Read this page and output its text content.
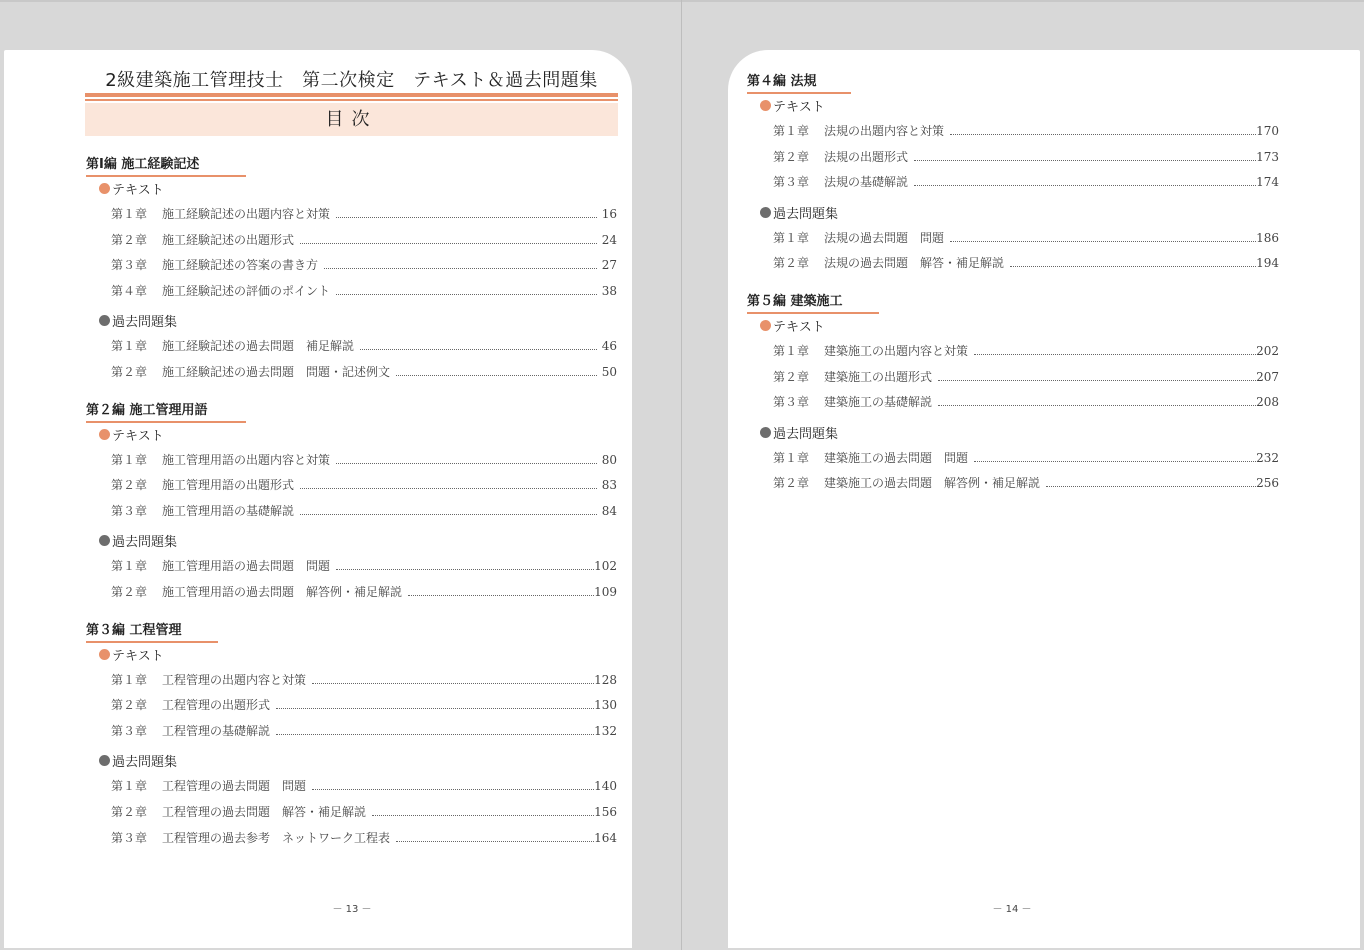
2級建築施工管理技士　第二次検定　テキスト＆過去問題集
目次
第Ⅰ編 施工経験記述
テキスト
第１章	施工経験記述の出題内容と対策	16
第２章	施工経験記述の出題形式	24
第３章	施工経験記述の答案の書き方	27
第４章	施工経験記述の評価のポイント	38
過去問題集
第１章	施工経験記述の過去問題　補足解説	46
第２章	施工経験記述の過去問題　問題・記述例文	50
第２編 施工管理用語
テキスト
第１章	施工管理用語の出題内容と対策	80
第２章	施工管理用語の出題形式	83
第３章	施工管理用語の基礎解説	84
過去問題集
第１章	施工管理用語の過去問題　問題	102
第２章	施工管理用語の過去問題　解答例・補足解説	109
第３編 工程管理
テキスト
第１章	工程管理の出題内容と対策	128
第２章	工程管理の出題形式	130
第３章	工程管理の基礎解説	132
過去問題集
第１章	工程管理の過去問題　問題	140
第２章	工程管理の過去問題　解答・補足解説	156
第３章	工程管理の過去参考　ネットワーク工程表	164
－ 13 －
第４編 法規
テキスト
第１章	法規の出題内容と対策	170
第２章	法規の出題形式	173
第３章	法規の基礎解説	174
過去問題集
第１章	法規の過去問題　問題	186
第２章	法規の過去問題　解答・補足解説	194
第５編 建築施工
テキスト
第１章	建築施工の出題内容と対策	202
第２章	建築施工の出題形式	207
第３章	建築施工の基礎解説	208
過去問題集
第１章	建築施工の過去問題　問題	232
第２章	建築施工の過去問題　解答例・補足解説	256
－ 14 －
